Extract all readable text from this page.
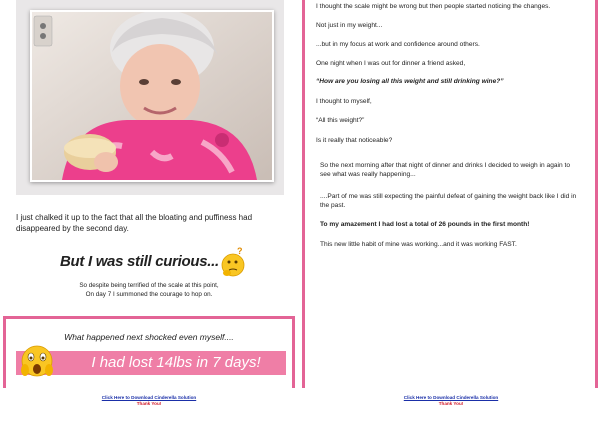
I just chalked it up to the fact that all the bloating and puffiness had disappeared by the second day.
But I was still curious...
?
So despite being terrified of the scale at this point,
On day 7 I summoned the courage to hop on.
What happened next shocked even myself....
I had lost 14lbs in 7 days!
Click Here to Download Cinderella Solution
Thank You!
I thought the scale might be wrong but then people started noticing the changes.
Not just in my weight...
...but in my focus at work and confidence around others.
One night when I was out for dinner a friend asked,
“How are you losing all this weight and still drinking wine?”
I thought to myself,
“All this weight?”
Is it really that noticeable?
So the next morning after that night of dinner and drinks I decided to weigh in again to see what was really happening...
....Part of me was still expecting the painful defeat of gaining the weight back like I did in the past.
To my amazement I had lost a total of 26 pounds in the first month!
This new little habit of mine was working...and it was working FAST.
Click Here to Download Cinderella Solution
Thank You!
